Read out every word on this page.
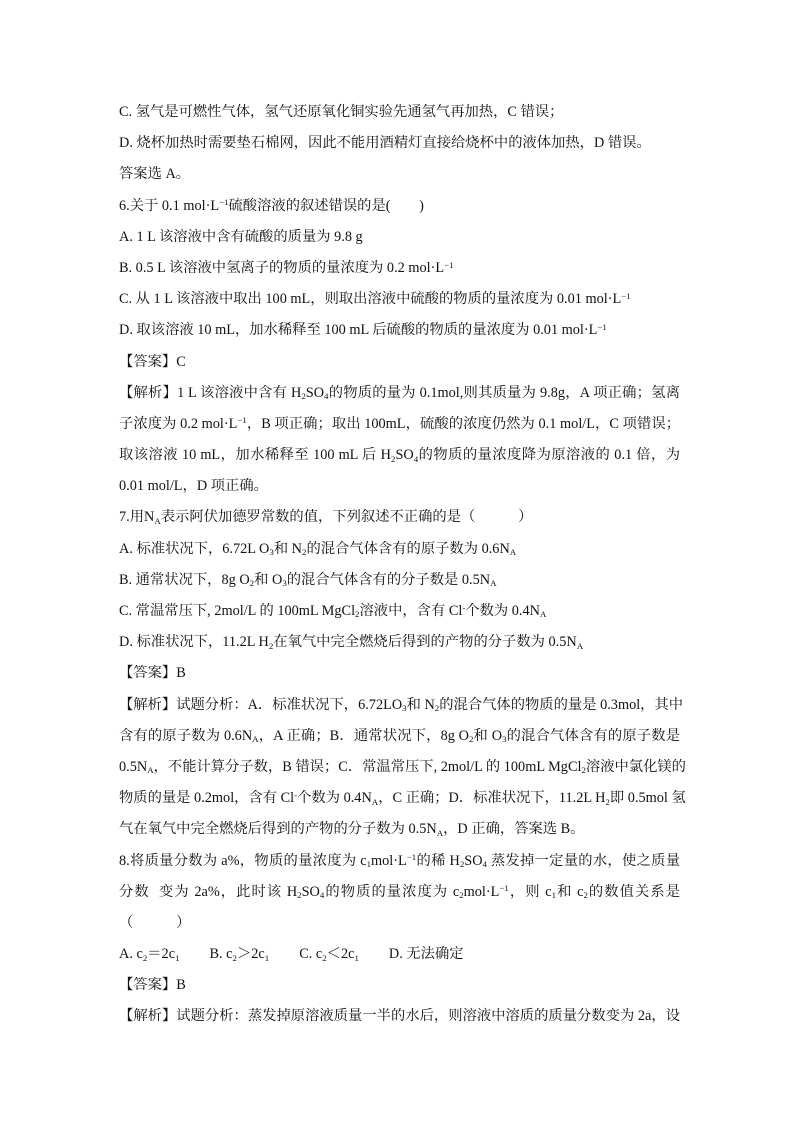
C. 氢气是可燃性气体，氢气还原氧化铜实验先通氢气再加热，C 错误；
D. 烧杯加热时需要垫石棉网，因此不能用酒精灯直接给烧杯中的液体加热，D 错误。
答案选 A。
6.关于 0.1 $mol\cdot L^{-1}$硫酸溶液的叙述错误的是(　　)
A. 1 L 该溶液中含有硫酸的质量为 9.8 g
B. 0.5 L 该溶液中氢离子的物质的量浓度为 0.2 $mol\cdot L^{-1}$
C. 从 1 L 该溶液中取出 100 mL，则取出溶液中硫酸的物质的量浓度为 0.01 $mol\cdot L^{-1}$
D. 取该溶液 10 mL，加水稀释至 100 mL 后硫酸的物质的量浓度为 0.01 $mol\cdot L^{-1}$
【答案】C
【解析】1 L 该溶液中含有 $H_2SO_4$的物质的量为 0.1mol,则其质量为 9.8g，A 项正确；氢离
子浓度为 0.2 $mol\cdot L^{-1}$，B 项正确；取出 100mL，硫酸的浓度仍然为 0.1 mol/L，C 项错误；
取该溶液 10 mL，加水稀释至 100 mL 后 $H_2SO_4$的物质的量浓度降为原溶液的 0.1 倍，为
0.01 mol/L，D 项正确。
7.用$N_A$表示阿伏加德罗常数的值，下列叙述不正确的是（　　　）
A. 标准状况下，6.72L $O_3$和 $N_2$的混合气体含有的原子数为 $0.6N_A$
B. 通常状况下，8g $O_2$和 $O_3$的混合气体含有的分子数是 $0.5N_A$
C. 常温常压下, 2mol/L 的 100mL MgCl$_2$溶液中，含有 Cl-个数为 $0.4N_A$
D. 标准状况下，11.2L $H_2$在氧气中完全燃烧后得到的产物的分子数为 $0.5N_A$
【答案】B
【解析】试题分析：A．标准状况下，$6.72LO_3$和 $N_2$的混合气体的物质的量是 0.3mol，其中
含有的原子数为 $0.6N_A$，A 正确；B．通常状况下，8g $O_2$和 $O_3$的混合气体含有的原子数是
$0.5N_A$，不能计算分子数，B 错误；C．常温常压下, 2mol/L 的 100mL MgCl$_2$溶液中氯化镁的
物质的量是 0.2mol，含有 Cl-个数为 $0.4N_A$，C 正确；D．标准状况下，11.2L $H_2$即 0.5mol 氢
气在氧气中完全燃烧后得到的产物的分子数为 $0.5N_A$，D 正确，答案选 B。
8.将质量分数为 a%，物质的量浓度为 $c_1mol\cdot L^{-1}$的稀 $H_2SO_4$ 蒸发掉一定量的水，使之质量
分数  变为 2a%，此时该 $H_2SO_4$的物质的量浓度为 $c_2mol\cdot L^{-1}$，则 $c_1$和 $c_2$的数值关系是
（　　　）
A. $c_2=2c_1$ B. $c_2>2c_1$ C. $c_2<2c_1$ D. 无法确定
【答案】B
【解析】试题分析：蒸发掉原溶液质量一半的水后，则溶液中溶质的质量分数变为 2a，设
